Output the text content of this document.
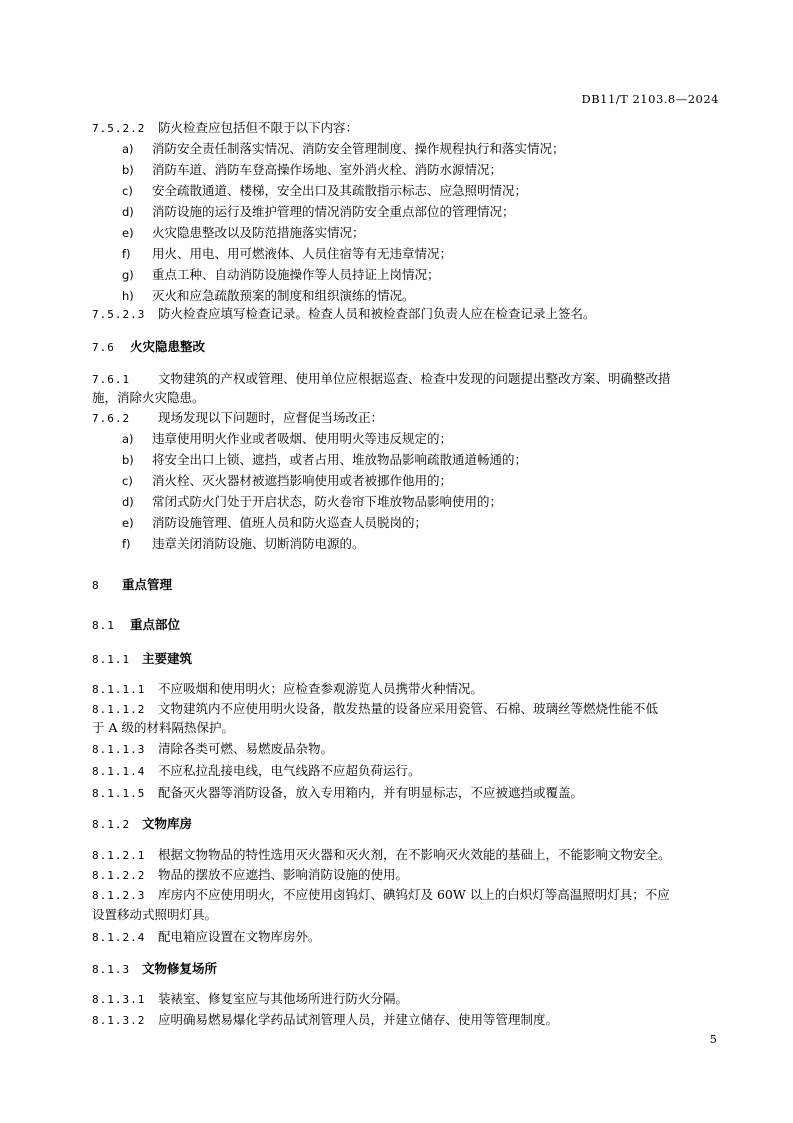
DB11/T 2103.8—2024
7.5.2.2 防火检查应包括但不限于以下内容：
a) 消防安全责任制落实情况、消防安全管理制度、操作规程执行和落实情况；
b) 消防车道、消防车登高操作场地、室外消火栓、消防水源情况；
c) 安全疏散通道、楼梯，安全出口及其疏散指示标志、应急照明情况；
d) 消防设施的运行及维护管理的情况消防安全重点部位的管理情况；
e) 火灾隐患整改以及防范措施落实情况；
f) 用火、用电、用可燃液体、人员住宿等有无违章情况；
g) 重点工种、自动消防设施操作等人员持证上岗情况；
h) 灭火和应急疏散预案的制度和组织演练的情况。
7.5.2.3 防火检查应填写检查记录。检查人员和被检查部门负责人应在检查记录上签名。
7.6 火灾隐患整改
7.6.1 文物建筑的产权或管理、使用单位应根据巡查、检查中发现的问题提出整改方案、明确整改措
施，消除火灾隐患。
7.6.2 现场发现以下问题时，应督促当场改正：
a) 违章使用明火作业或者吸烟、使用明火等违反规定的；
b) 将安全出口上锁、遮挡，或者占用、堆放物品影响疏散通道畅通的；
c) 消火栓、灭火器材被遮挡影响使用或者被挪作他用的；
d) 常闭式防火门处于开启状态，防火卷帘下堆放物品影响使用的；
e) 消防设施管理、值班人员和防火巡查人员脱岗的；
f) 违章关闭消防设施、切断消防电源的。
8 重点管理
8.1 重点部位
8.1.1 主要建筑
8.1.1.1 不应吸烟和使用明火；应检查参观游览人员携带火种情况。
8.1.1.2 文物建筑内不应使用明火设备，散发热量的设备应采用瓷管、石棉、玻璃丝等燃烧性能不低
于 A 级的材料隔热保护。
8.1.1.3 清除各类可燃、易燃废品杂物。
8.1.1.4 不应私拉乱接电线，电气线路不应超负荷运行。
8.1.1.5 配备灭火器等消防设备，放入专用箱内，并有明显标志，不应被遮挡或覆盖。
8.1.2 文物库房
8.1.2.1 根据文物物品的特性选用灭火器和灭火剂，在不影响灭火效能的基础上，不能影响文物安全。
8.1.2.2 物品的摆放不应遮挡、影响消防设施的使用。
8.1.2.3 库房内不应使用明火，不应使用卤钨灯、碘钨灯及 60W 以上的白炽灯等高温照明灯具；不应
设置移动式照明灯具。
8.1.2.4 配电箱应设置在文物库房外。
8.1.3 文物修复场所
8.1.3.1 装裱室、修复室应与其他场所进行防火分隔。
8.1.3.2 应明确易燃易爆化学药品试剂管理人员，并建立储存、使用等管理制度。
5
